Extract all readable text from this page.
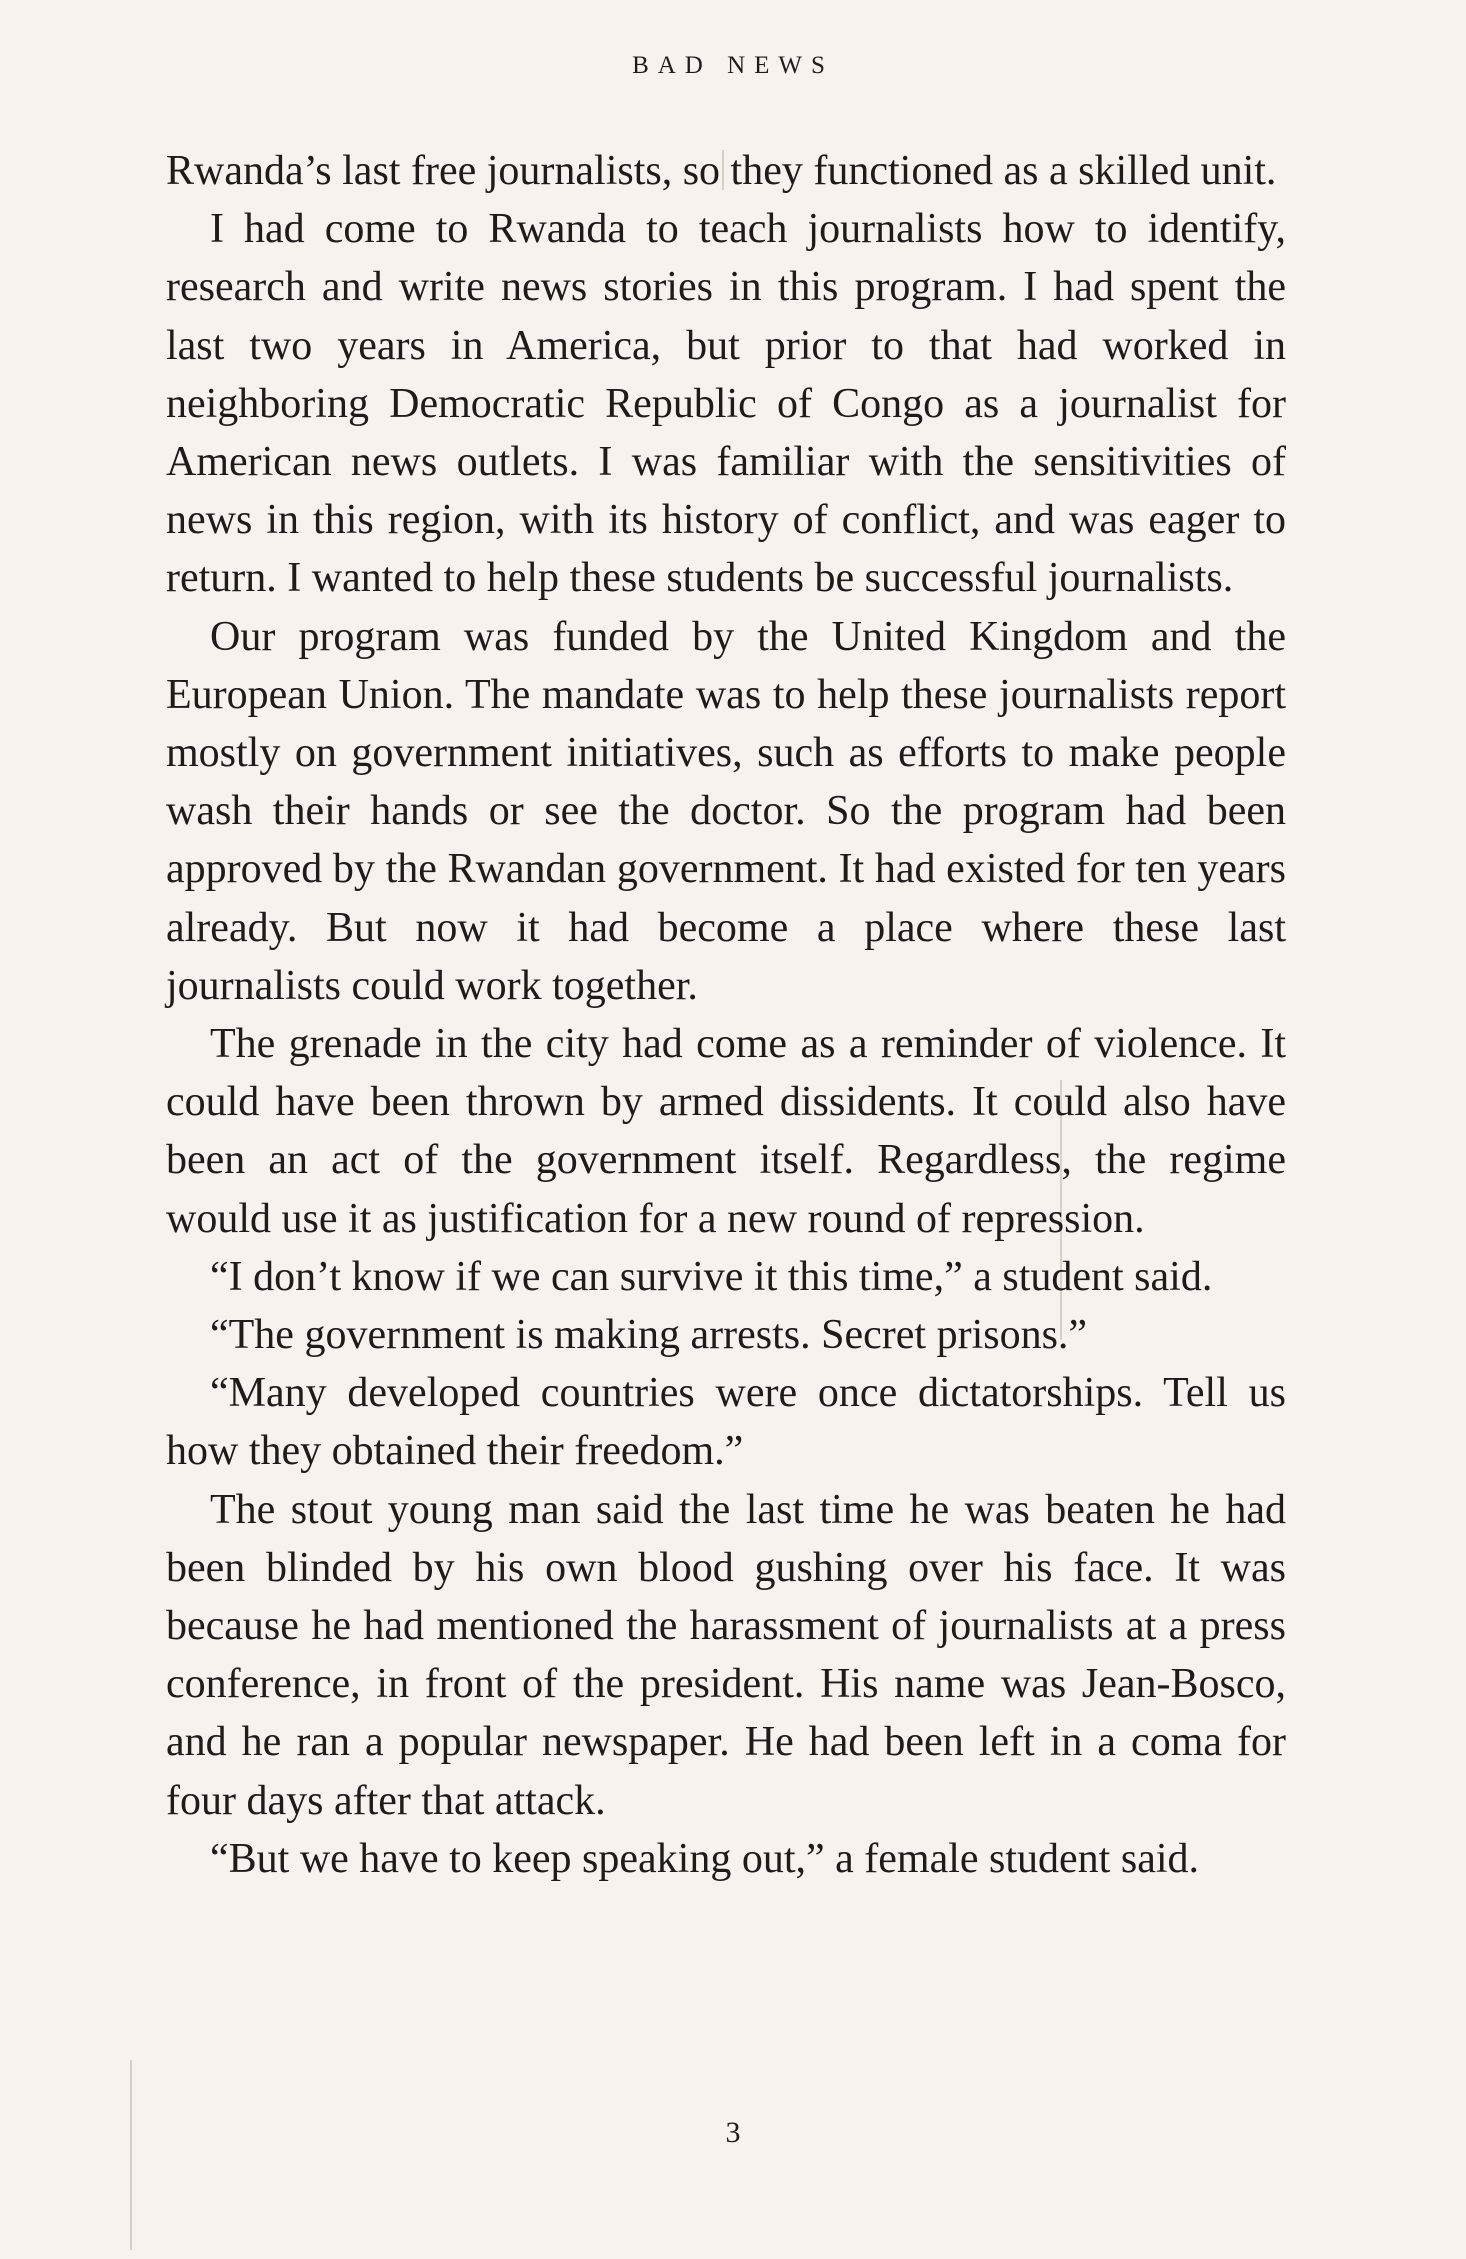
BAD NEWS

Rwanda’s last free journalists, so they functioned as a skilled unit.

I had come to Rwanda to teach journalists how to identify, research and write news stories in this program. I had spent the last two years in America, but prior to that had worked in neighboring Democratic Republic of Congo as a journalist for American news outlets. I was familiar with the sensitivities of news in this region, with its history of conflict, and was eager to return. I wanted to help these students be successful journalists.

Our program was funded by the United Kingdom and the European Union. The mandate was to help these journalists report mostly on government initiatives, such as efforts to make people wash their hands or see the doctor. So the program had been approved by the Rwandan government. It had existed for ten years already. But now it had become a place where these last journalists could work together.

The grenade in the city had come as a reminder of violence. It could have been thrown by armed dissidents. It could also have been an act of the government itself. Regardless, the regime would use it as justification for a new round of repression.

“I don’t know if we can survive it this time,” a student said.

“The government is making arrests. Secret prisons.”

“Many developed countries were once dictatorships. Tell us how they obtained their freedom.”

The stout young man said the last time he was beaten he had been blinded by his own blood gushing over his face. It was because he had mentioned the harassment of journalists at a press conference, in front of the president. His name was Jean-Bosco, and he ran a popular newspaper. He had been left in a coma for four days after that attack.

“But we have to keep speaking out,” a female student said.

3
